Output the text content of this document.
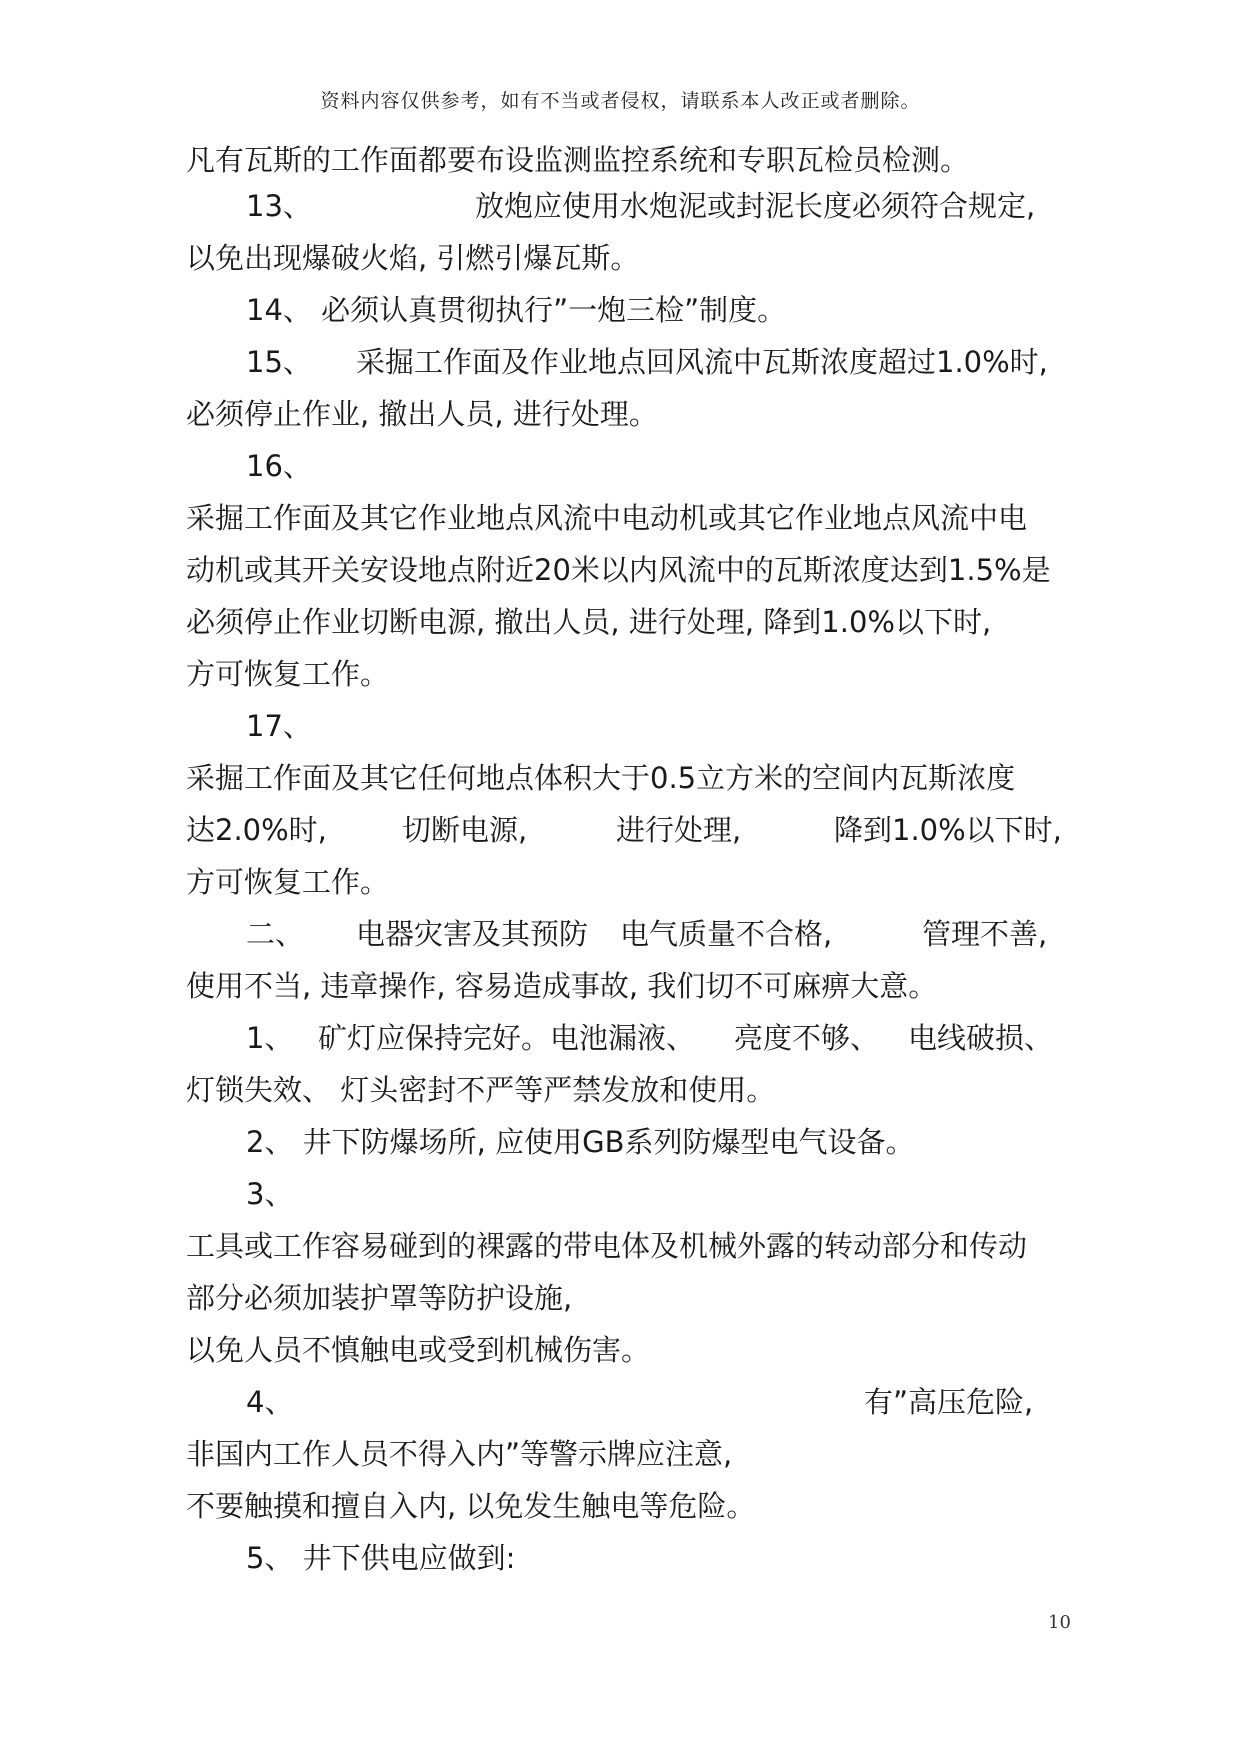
资料内容仅供参考，如有不当或者侵权，请联系本人改正或者删除。
凡有瓦斯的工作面都要布设监测监控系统和专职瓦检员检测。
13、	放炮应使用水炮泥或封泥长度必须符合规定,
以免出现爆破火焰, 引燃引爆瓦斯。
14、 必须认真贯彻执行”一炮三检”制度。
15、 采掘工作面及作业地点回风流中瓦斯浓度超过1.0%时,
必须停止作业, 撤出人员, 进行处理。
16、
采掘工作面及其它作业地点风流中电动机或其它作业地点风流中电
动机或其开关安设地点附近20米以内风流中的瓦斯浓度达到1.5%是
必须停止作业切断电源, 撤出人员, 进行处理, 降到1.0%以下时,
方可恢复工作。
17、
采掘工作面及其它任何地点体积大于0.5立方米的空间内瓦斯浓度
达2.0%时,	切断电源,	进行处理,	降到1.0%以下时,
方可恢复工作。
二、 电器灾害及其预防 电气质量不合格,	管理不善,
使用不当, 违章操作, 容易造成事故, 我们切不可麻痹大意。
1、 矿灯应保持完好。电池漏液、 亮度不够、 电线破损、
灯锁失效、 灯头密封不严等严禁发放和使用。
2、 井下防爆场所, 应使用GB系列防爆型电气设备。
3、
工具或工作容易碰到的裸露的带电体及机械外露的转动部分和传动
部分必须加装护罩等防护设施,
以免人员不慎触电或受到机械伤害。
4、	有”高压危险,
非国内工作人员不得入内”等警示牌应注意,
不要触摸和擅自入内, 以免发生触电等危险。
5、 井下供电应做到:
10
